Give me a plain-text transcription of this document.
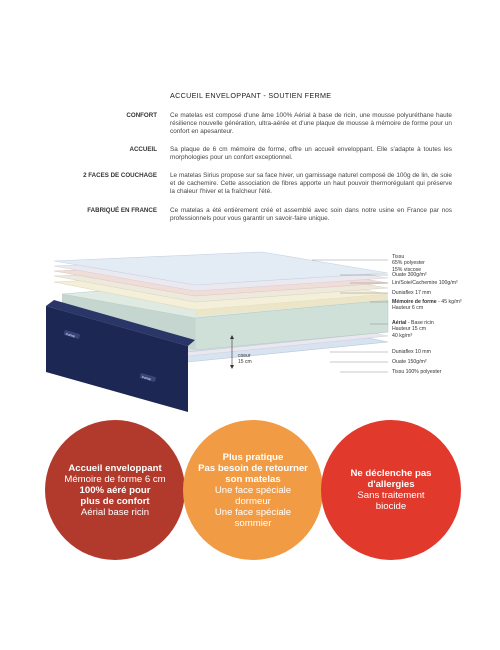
ACCUEIL ENVELOPPANT - SOUTIEN FERME
CONFORT Ce matelas est composé d'une âme 100% Aérial à base de ricin, une mousse polyuréthane haute résilience nouvelle génération, ultra-aérée et d'une plaque de mousse à mémoire de forme pour un confort en apesanteur.
ACCUEIL Sa plaque de 6 cm mémoire de forme, offre un accueil enveloppant. Elle s'adapte à toutes les morphologies pour un confort exceptionnel.
2 FACES DE COUCHAGE Le matelas Sirius propose sur sa face hiver, un garnissage naturel composé de 100g de lin, de soie et de cachemire. Cette association de fibres apporte un haut pouvoir thermorégulant qui préserve la chaleur l'hiver et la fraîcheur l'été.
FABRIQUÉ EN FRANCE Ce matelas a été entièrement créé et assemblé avec soin dans notre usine en France par nos professionnels pour vous garantir un savoir-faire unique.
Dunlop
Dunlop
coeur
15 cm
Tissu
65% polyester
15% viscose
Ouate 300g/m²
Lin/Soie/Cachemire 100g/m²
Duniaflex 17 mm
Mémoire de forme - 45 kg/m³
Hauteur 6 cm
Aérial - Base ricin
Hauteur 15 cm
40 kg/m³
Duniaflex 10 mm
Ouate 150g/m²
Tissu 100% polyester
Accueil enveloppant
Mémoire de forme 6 cm
100% aéré pour
plus de confort
Aérial base ricin
Plus pratique
Pas besoin de retourner
son matelas
Une face spéciale
dormeur
Une face spéciale
sommier
Ne déclenche pas
d'allergies
Sans traitement
biocide
